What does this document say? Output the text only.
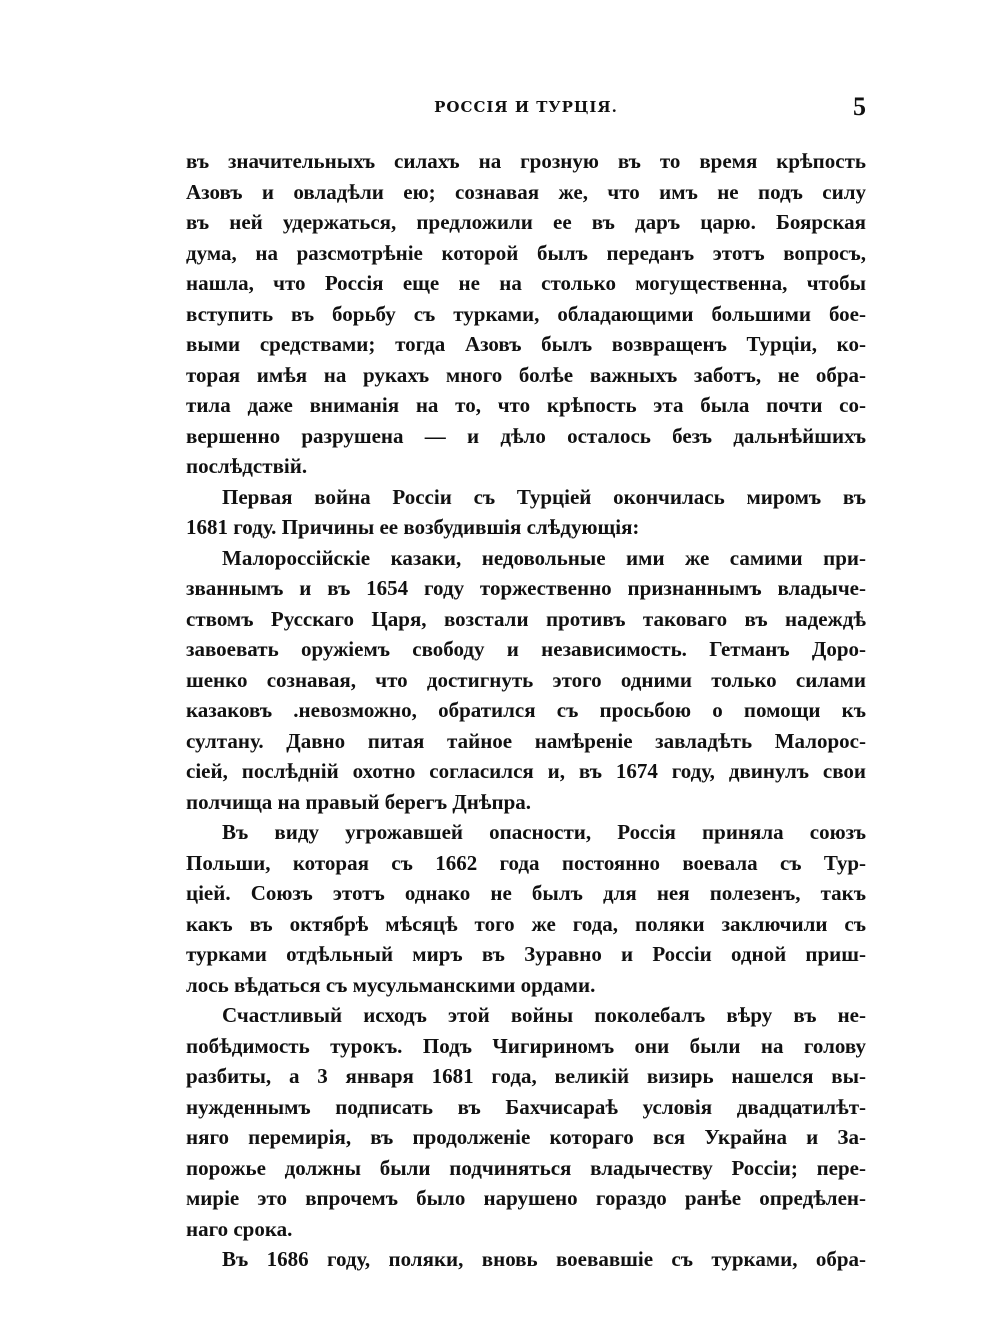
РОССІЯ И ТУРЦІЯ.	5
въ значительныхъ силахъ на грозную въ то время крѣпость
Азовъ и овладѣли ею; сознавая же, что имъ не подъ силу
въ ней удержаться, предложили ее въ даръ царю. Боярская
дума, на разсмотрѣніе которой былъ переданъ этотъ вопросъ,
нашла, что Россія еще не на столько могущественна, чтобы
вступить въ борьбу съ турками, обладающими большими бое-
выми средствами; тогда Азовъ былъ возвращенъ Турціи, ко-
торая имѣя на рукахъ много болѣе важныхъ заботъ, не обра-
тила даже вниманія на то, что крѣпость эта была почти со-
вершенно разрушена — и дѣло осталось безъ дальнѣйшихъ
послѣдствій.
Первая война Россіи съ Турціей окончилась миромъ въ
1681 году. Причины ее возбудившія слѣдующія:
Малороссійскіе казаки, недовольные ими же самими при-
званнымъ и въ 1654 году торжественно признаннымъ владыче-
ствомъ Русскаго Царя, возстали противъ таковаго въ надеждѣ
завоевать оружіемъ свободу и независимость. Гетманъ Доро-
шенко сознавая, что достигнуть этого одними только силами
казаковъ .невозможно, обратился съ просьбою о помощи къ
султану. Давно питая тайное намѣреніе завладѣть Малорос-
сіей, послѣдній охотно согласился и, въ 1674 году, двинулъ свои
полчища на правый берегъ Днѣпра.
Въ виду угрожавшей опасности, Россія приняла союзъ
Польши, которая съ 1662 года постоянно воевала съ Тур-
ціей. Союзъ этотъ однако не былъ для нея полезенъ, такъ
какъ въ октябрѣ мѣсяцѣ того же года, поляки заключили съ
турками отдѣльный миръ въ Зуравно и Россіи одной приш-
лось вѣдаться съ мусульманскими ордами.
Счастливый исходъ этой войны поколебалъ вѣру въ не-
побѣдимость турокъ. Подъ Чигириномъ они были на голову
разбиты, а 3 января 1681 года, великій визирь нашелся вы-
нужденнымъ подписать въ Бахчисараѣ условія двадцатилѣт-
няго перемирія, въ продолженіе котораго вся Украйна и За-
порожье должны были подчиняться владычеству Россіи; пере-
миріе это впрочемъ было нарушено гораздо ранѣе опредѣлен-
наго срока.
Въ 1686 году, поляки, вновь воевавшіе съ турками, обра-
